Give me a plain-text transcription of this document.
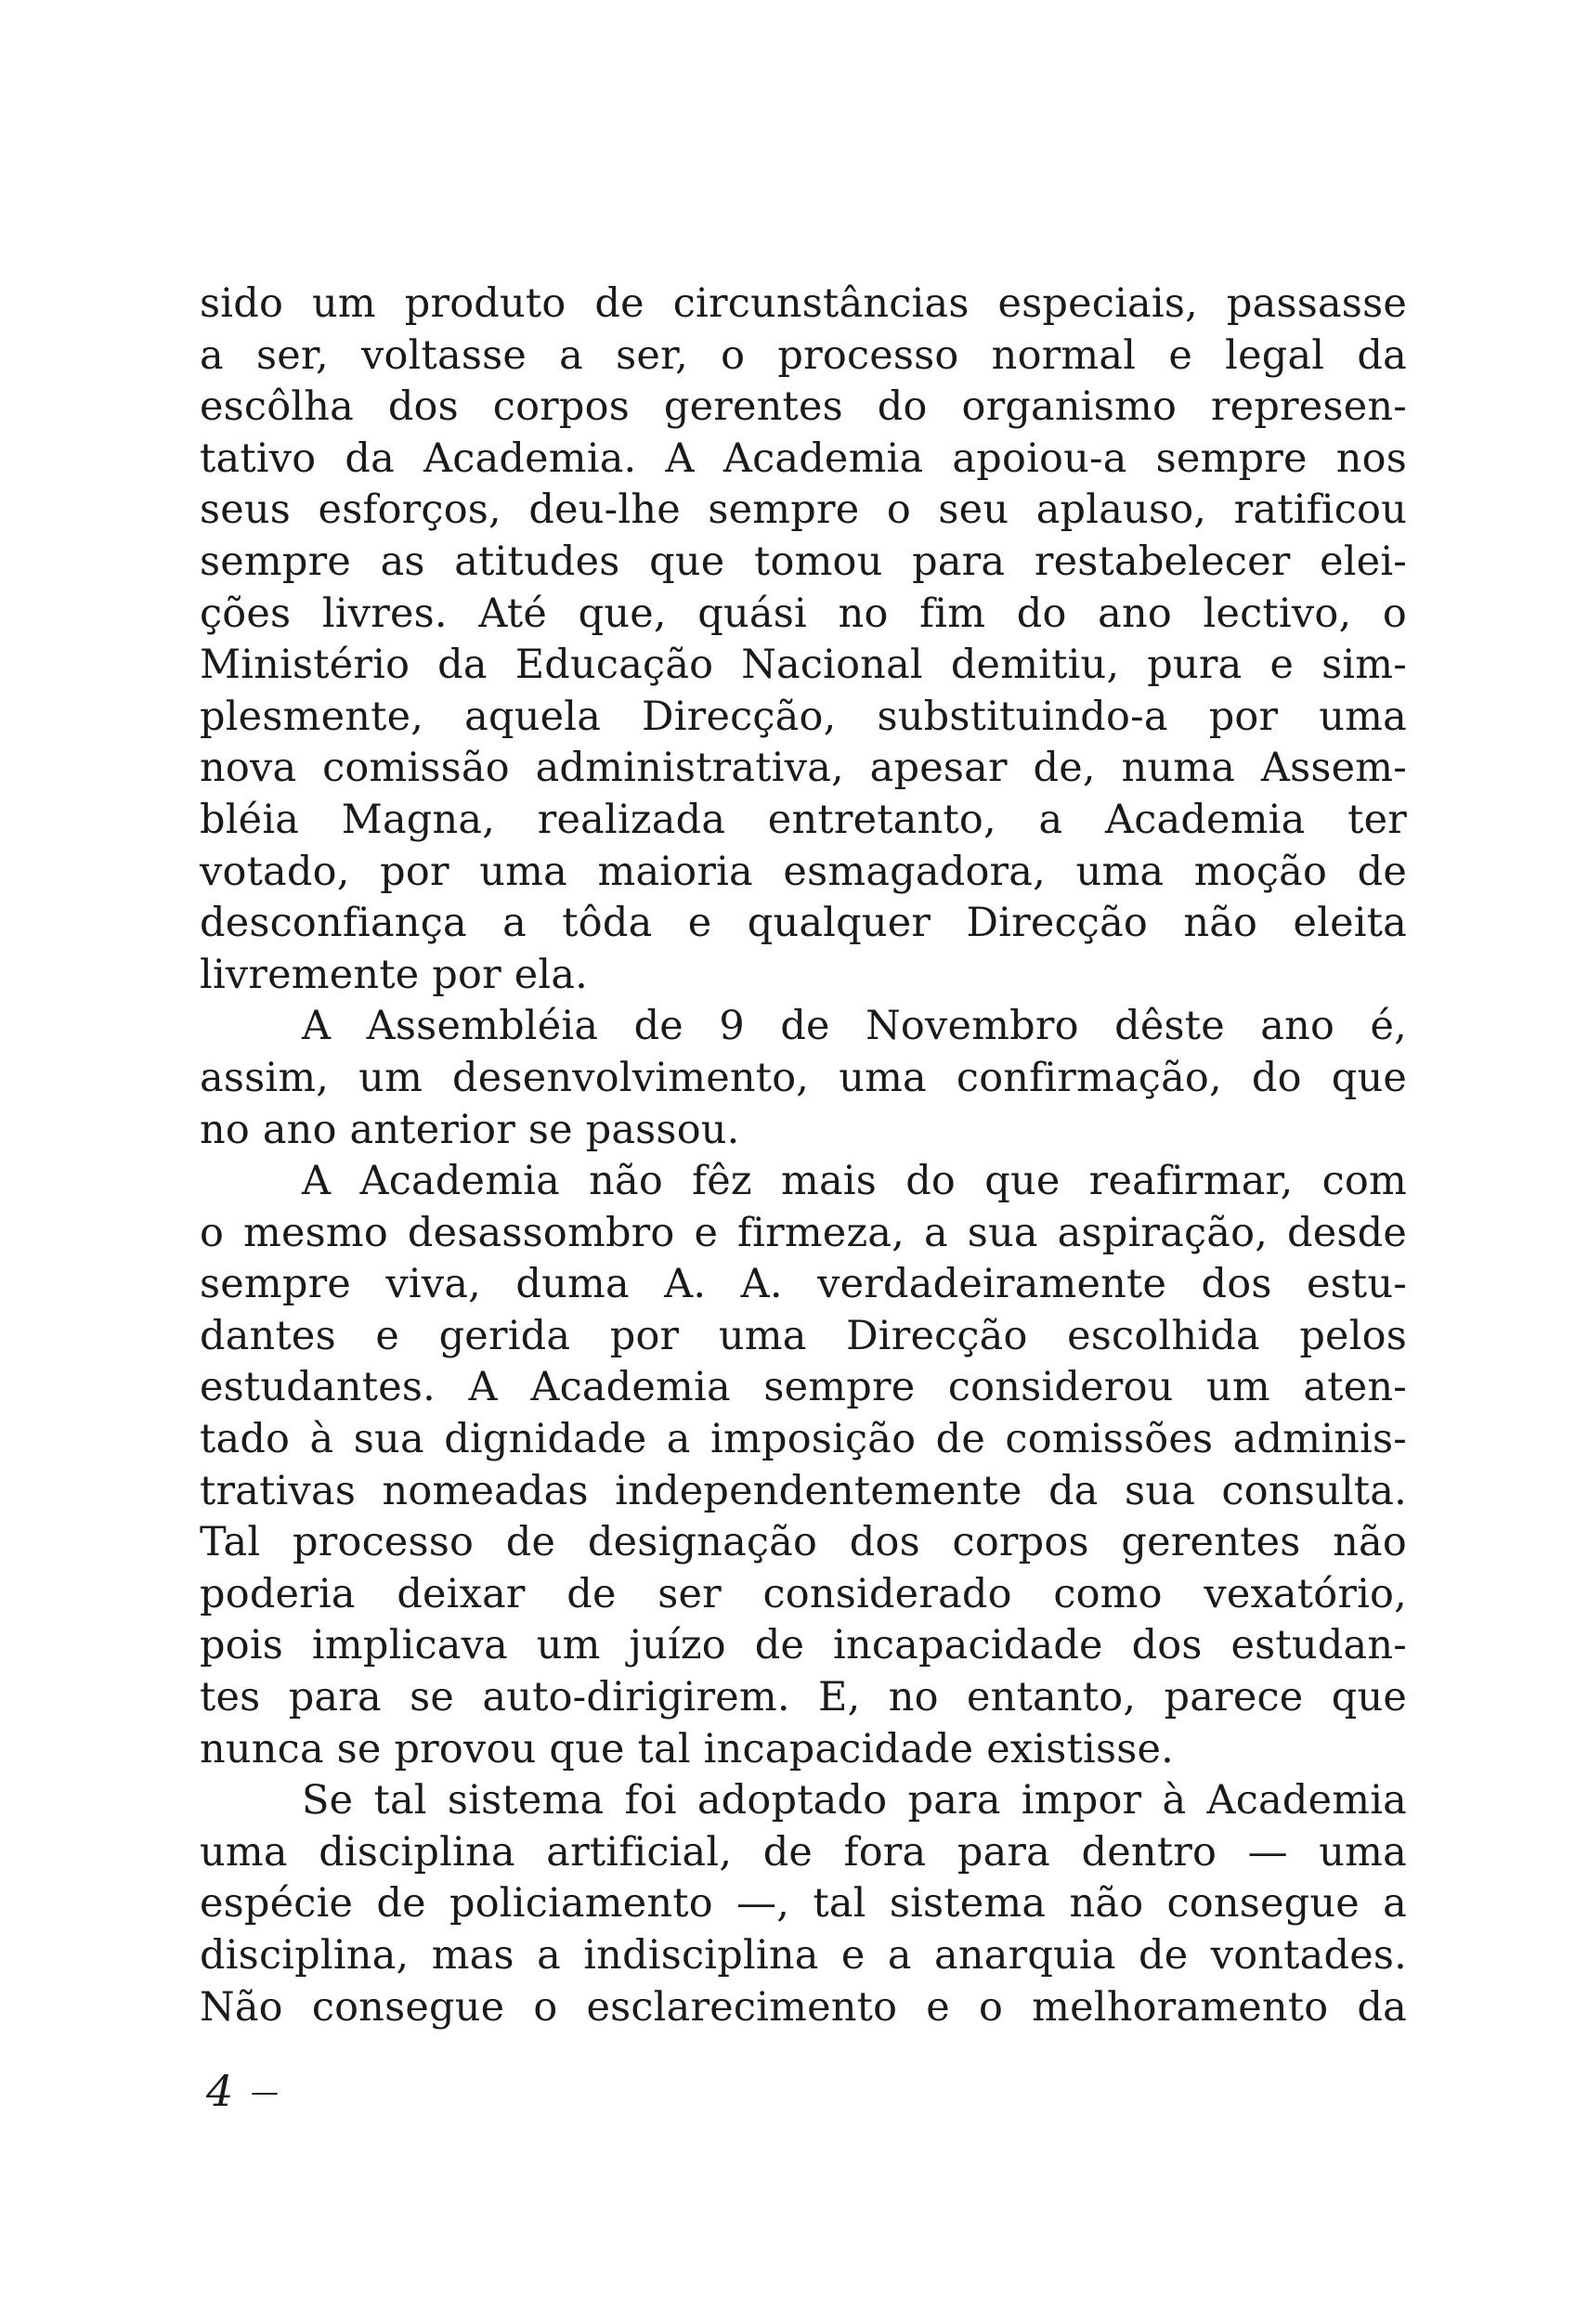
sido um produto de circunstâncias especiais, passasse
a ser, voltasse a ser, o processo normal e legal da
escôlha dos corpos gerentes do organismo represen-
tativo da Academia. A Academia apoiou-a sempre nos
seus esforços, deu-lhe sempre o seu aplauso, ratificou
sempre as atitudes que tomou para restabelecer elei-
ções livres. Até que, quási no fim do ano lectivo, o
Ministério da Educação Nacional demitiu, pura e sim-
plesmente, aquela Direcção, substituindo-a por uma
nova comissão administrativa, apesar de, numa Assem-
bléia Magna, realizada entretanto, a Academia ter
votado, por uma maioria esmagadora, uma moção de
desconfiança a tôda e qualquer Direcção não eleita
livremente por ela.
A Assembléia de 9 de Novembro dêste ano é,
assim, um desenvolvimento, uma confirmação, do que
no ano anterior se passou.
A Academia não fêz mais do que reafirmar, com
o mesmo desassombro e firmeza, a sua aspiração, desde
sempre viva, duma A. A. verdadeiramente dos estu-
dantes e gerida por uma Direcção escolhida pelos
estudantes. A Academia sempre considerou um aten-
tado à sua dignidade a imposição de comissões adminis-
trativas nomeadas independentemente da sua consulta.
Tal processo de designação dos corpos gerentes não
poderia deixar de ser considerado como vexatório,
pois implicava um juízo de incapacidade dos estudan-
tes para se auto-dirigirem. E, no entanto, parece que
nunca se provou que tal incapacidade existisse.
Se tal sistema foi adoptado para impor à Academia
uma disciplina artificial, de fora para dentro — uma
espécie de policiamento —, tal sistema não consegue a
disciplina, mas a indisciplina e a anarquia de vontades.
Não consegue o esclarecimento e o melhoramento da
4 —
